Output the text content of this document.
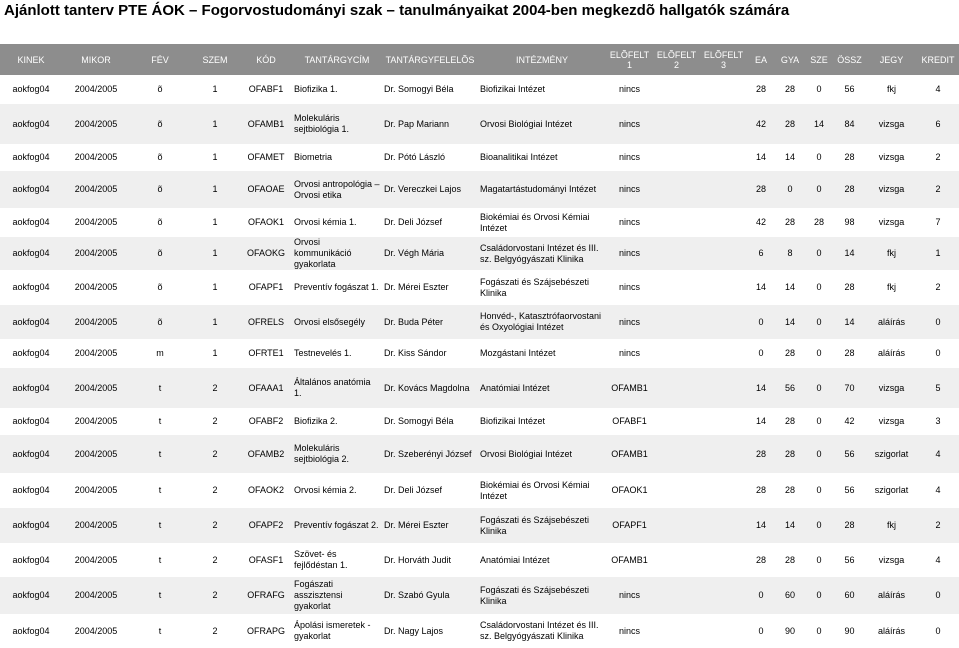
Ajánlott tanterv PTE ÁOK – Fogorvostudományi szak – tanulmányaikat 2004-ben megkezdõ hallgatók számára
KINEK	MIKOR	FÉV	SZEM	KÓD	TANTÁRGYCÍM	TANTÁRGYFELELÕS	INTÉZMÉNY	ELÕFELT 1	ELÕFELT 2	ELÕFELT 3	EA	GYA	SZE	ÖSSZ	JEGY	KREDIT
aokfog04	2004/2005	õ	1	OFABF1	Biofizika 1.	Dr. Somogyi Béla	Biofizikai Intézet	nincs			28	28	0	56	fkj	4
aokfog04	2004/2005	õ	1	OFAMB1	Molekuláris sejtbiológia 1.	Dr. Pap Mariann	Orvosi Biológiai Intézet	nincs			42	28	14	84	vizsga	6
aokfog04	2004/2005	õ	1	OFAMET	Biometria	Dr. Pótó László	Bioanalitikai Intézet	nincs			14	14	0	28	vizsga	2
aokfog04	2004/2005	õ	1	OFAOAE	Orvosi antropológia – Orvosi etika	Dr. Vereczkei Lajos	Magatartástudományi Intézet	nincs			28	0	0	28	vizsga	2
aokfog04	2004/2005	õ	1	OFAOK1	Orvosi kémia 1.	Dr. Deli József	Biokémiai és Orvosi Kémiai Intézet	nincs			42	28	28	98	vizsga	7
aokfog04	2004/2005	õ	1	OFAOKG	Orvosi kommunikáció gyakorlata	Dr. Végh Mária	Családorvostani Intézet és III. sz. Belgyógyászati Klinika	nincs			6	8	0	14	fkj	1
aokfog04	2004/2005	õ	1	OFAPF1	Preventív fogászat 1.	Dr. Mérei Eszter	Fogászati és Szájsebészeti Klinika	nincs			14	14	0	28	fkj	2
aokfog04	2004/2005	õ	1	OFRELS	Orvosi elsősegély	Dr. Buda Péter	Honvéd-, Katasztrófaorvostani és Oxyológiai Intézet	nincs			0	14	0	14	aláírás	0
aokfog04	2004/2005	m	1	OFRTE1	Testnevelés 1.	Dr. Kiss Sándor	Mozgástani Intézet	nincs			0	28	0	28	aláírás	0
aokfog04	2004/2005	t	2	OFAAA1	Általános anatómia 1.	Dr. Kovács Magdolna	Anatómiai Intézet	OFAMB1			14	56	0	70	vizsga	5
aokfog04	2004/2005	t	2	OFABF2	Biofizika 2.	Dr. Somogyi Béla	Biofizikai Intézet	OFABF1			14	28	0	42	vizsga	3
aokfog04	2004/2005	t	2	OFAMB2	Molekuláris sejtbiológia 2.	Dr. Szeberényi József	Orvosi Biológiai Intézet	OFAMB1			28	28	0	56	szigorlat	4
aokfog04	2004/2005	t	2	OFAOK2	Orvosi kémia 2.	Dr. Deli József	Biokémiai és Orvosi Kémiai Intézet	OFAOK1			28	28	0	56	szigorlat	4
aokfog04	2004/2005	t	2	OFAPF2	Preventív fogászat 2.	Dr. Mérei Eszter	Fogászati és Szájsebészeti Klinika	OFAPF1			14	14	0	28	fkj	2
aokfog04	2004/2005	t	2	OFASF1	Szövet- és fejlődéstan 1.	Dr. Horváth Judit	Anatómiai Intézet	OFAMB1			28	28	0	56	vizsga	4
aokfog04	2004/2005	t	2	OFRAFG	Fogászati asszisztensi gyakorlat	Dr. Szabó Gyula	Fogászati és Szájsebészeti Klinika	nincs			0	60	0	60	aláírás	0
aokfog04	2004/2005	t	2	OFRAPG	Ápolási ismeretek - gyakorlat	Dr. Nagy Lajos	Családorvostani Intézet és III. sz. Belgyógyászati Klinika	nincs			0	90	0	90	aláírás	0
